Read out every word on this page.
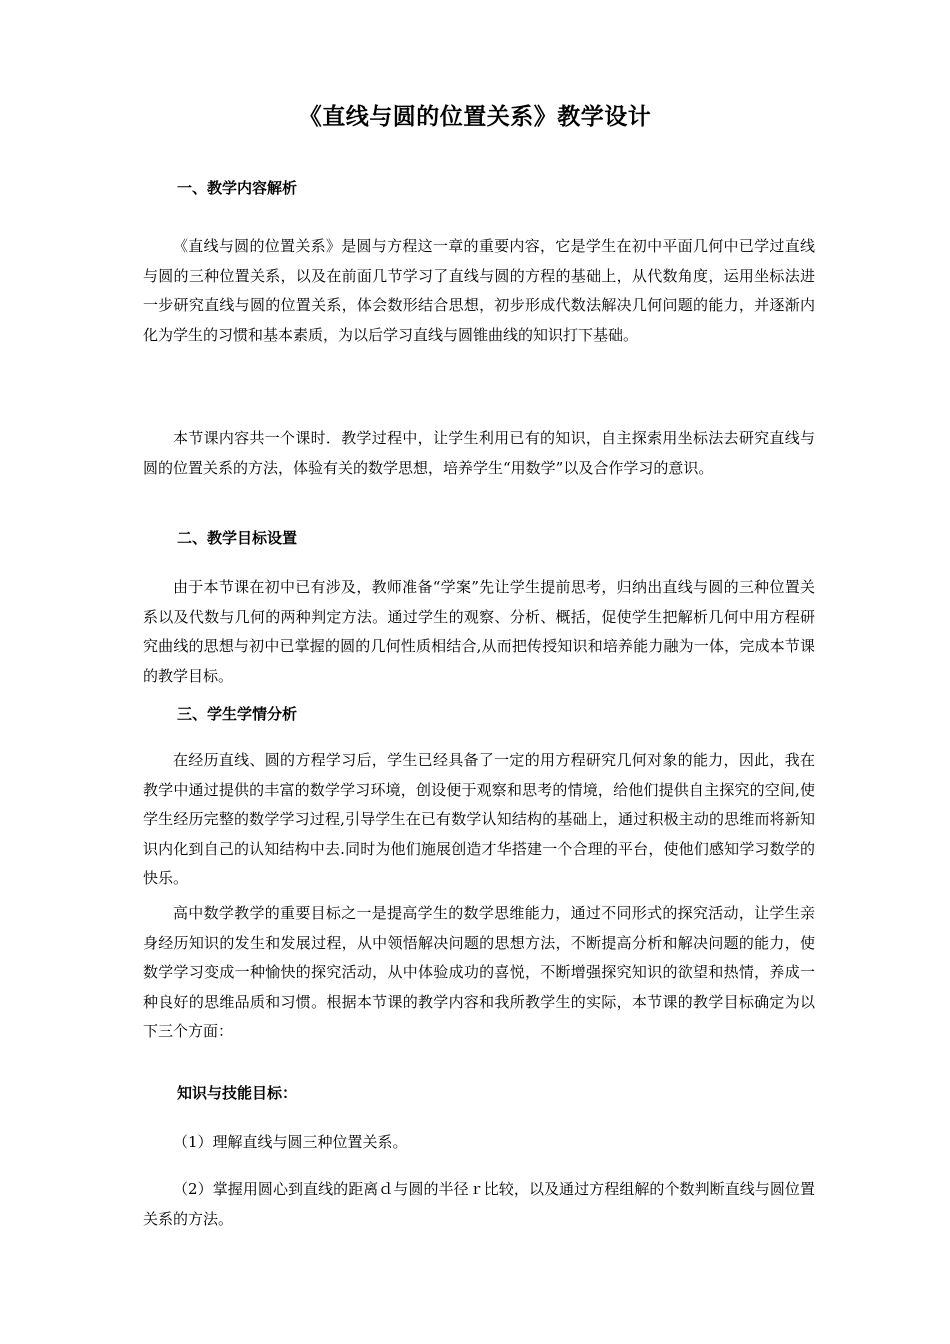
《直线与圆的位置关系》教学设计
一、教学内容解析

《直线与圆的位置关系》是圆与方程这一章的重要内容，它是学生在初中平面几何中已学过直线与圆的三种位置关系，以及在前面几节学习了直线与圆的方程的基础上，从代数角度，运用坐标法进一步研究直线与圆的位置关系，体会数形结合思想，初步形成代数法解决几何问题的能力，并逐渐内化为学生的习惯和基本素质，为以后学习直线与圆锥曲线的知识打下基础。

本节课内容共一个课时．教学过程中，让学生利用已有的知识，自主探索用坐标法去研究直线与圆的位置关系的方法，体验有关的数学思想，培养学生“用数学”以及合作学习的意识。

二、教学目标设置

由于本节课在初中已有涉及，教师准备“学案”先让学生提前思考，归纳出直线与圆的三种位置关系以及代数与几何的两种判定方法。通过学生的观察、分析、概括，促使学生把解析几何中用方程研究曲线的思想与初中已掌握的圆的几何性质相结合,从而把传授知识和培养能力融为一体，完成本节课的教学目标。

三、学生学情分析

在经历直线、圆的方程学习后，学生已经具备了一定的用方程研究几何对象的能力，因此，我在教学中通过提供的丰富的数学学习环境，创设便于观察和思考的情境，给他们提供自主探究的空间,使学生经历完整的数学学习过程,引导学生在已有数学认知结构的基础上，通过积极主动的思维而将新知识内化到自己的认知结构中去.同时为他们施展创造才华搭建一个合理的平台，使他们感知学习数学的快乐。

高中数学教学的重要目标之一是提高学生的数学思维能力，通过不同形式的探究活动，让学生亲身经历知识的发生和发展过程，从中领悟解决问题的思想方法，不断提高分析和解决问题的能力，使数学学习变成一种愉快的探究活动，从中体验成功的喜悦，不断增强探究知识的欲望和热情，养成一种良好的思维品质和习惯。根据本节课的教学内容和我所教学生的实际，本节课的教学目标确定为以下三个方面：

知识与技能目标：

（1）理解直线与圆三种位置关系。

（2）掌握用圆心到直线的距离ｄ与圆的半径ｒ比较，以及通过方程组解的个数判断直线与圆位置关系的方法。
